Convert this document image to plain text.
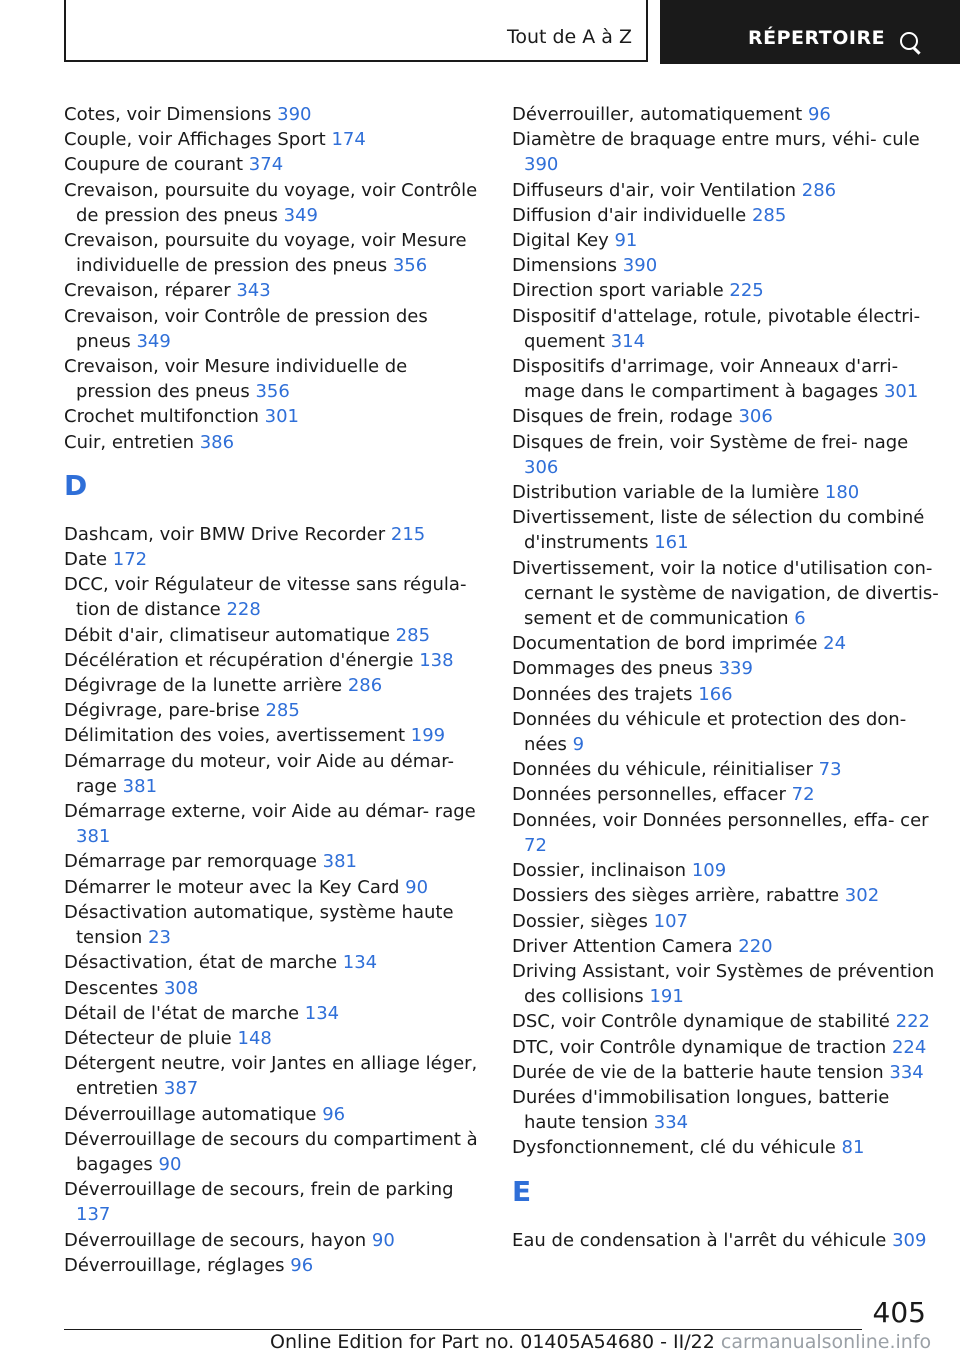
Tout de A à Z	RÉPERTOIRE
Cotes, voir Dimensions 390
Couple, voir Affichages Sport 174
Coupure de courant 374
Crevaison, poursuite du voyage, voir Contrôle de pression des pneus 349
Crevaison, poursuite du voyage, voir Mesure individuelle de pression des pneus 356
Crevaison, réparer 343
Crevaison, voir Contrôle de pression des pneus 349
Crevaison, voir Mesure individuelle de pression des pneus 356
Crochet multifonction 301
Cuir, entretien 386
D
Dashcam, voir BMW Drive Recorder 215
Date 172
DCC, voir Régulateur de vitesse sans régula- tion de distance 228
Débit d'air, climatiseur automatique 285
Décélération et récupération d'énergie 138
Dégivrage de la lunette arrière 286
Dégivrage, pare-brise 285
Délimitation des voies, avertissement 199
Démarrage du moteur, voir Aide au démar- rage 381
Démarrage externe, voir Aide au démar- rage 381
Démarrage par remorquage 381
Démarrer le moteur avec la Key Card 90
Désactivation automatique, système haute tension 23
Désactivation, état de marche 134
Descentes 308
Détail de l'état de marche 134
Détecteur de pluie 148
Détergent neutre, voir Jantes en alliage léger, entretien 387
Déverrouillage automatique 96
Déverrouillage de secours du compartiment à bagages 90
Déverrouillage de secours, frein de parking 137
Déverrouillage de secours, hayon 90
Déverrouillage, réglages 96
Déverrouiller, automatiquement 96
Diamètre de braquage entre murs, véhi- cule 390
Diffuseurs d'air, voir Ventilation 286
Diffusion d'air individuelle 285
Digital Key 91
Dimensions 390
Direction sport variable 225
Dispositif d'attelage, rotule, pivotable électri- quement 314
Dispositifs d'arrimage, voir Anneaux d'arri- mage dans le compartiment à bagages 301
Disques de frein, rodage 306
Disques de frein, voir Système de frei- nage 306
Distribution variable de la lumière 180
Divertissement, liste de sélection du combiné d'instruments 161
Divertissement, voir la notice d'utilisation con- cernant le système de navigation, de divertis- sement et de communication 6
Documentation de bord imprimée 24
Dommages des pneus 339
Données des trajets 166
Données du véhicule et protection des don- nées 9
Données du véhicule, réinitialiser 73
Données personnelles, effacer 72
Données, voir Données personnelles, effa- cer 72
Dossier, inclinaison 109
Dossiers des sièges arrière, rabattre 302
Dossier, sièges 107
Driver Attention Camera 220
Driving Assistant, voir Systèmes de prévention des collisions 191
DSC, voir Contrôle dynamique de stabilité 222
DTC, voir Contrôle dynamique de traction 224
Durée de vie de la batterie haute tension 334
Durées d'immobilisation longues, batterie haute tension 334
Dysfonctionnement, clé du véhicule 81
E
Eau de condensation à l'arrêt du véhicule 309
405
Online Edition for Part no. 01405A54680 - II/22 carmanualsonline.info
